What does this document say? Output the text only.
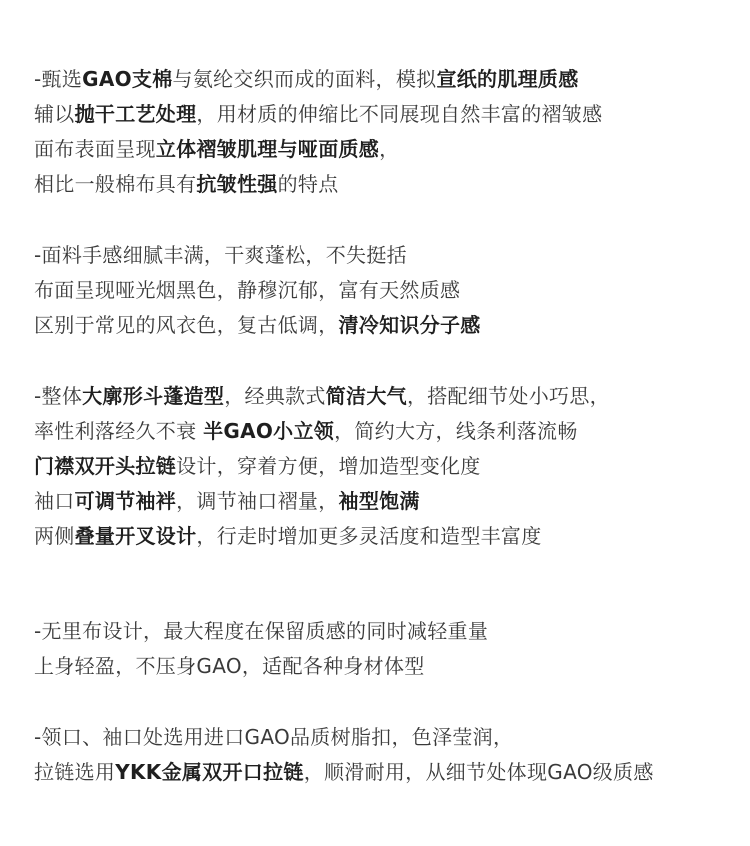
-甄选GAO支棉与氨纶交织而成的面料，模拟宣纸的肌理质感
辅以抛干工艺处理，用材质的伸缩比不同展现自然丰富的褶皱感
面布表面呈现立体褶皱肌理与哑面质感，
相比一般棉布具有抗皱性强的特点
-面料手感细腻丰满，干爽蓬松，不失挺括
布面呈现哑光烟黑色，静穆沉郁，富有天然质感
区别于常见的风衣色，复古低调，清冷知识分子感
-整体大廓形斗蓬造型，经典款式简洁大气，搭配细节处小巧思，
率性利落经久不衰 半GAO小立领，简约大方，线条利落流畅
门襟双开头拉链设计，穿着方便，增加造型变化度
袖口可调节袖袢，调节袖口褶量，袖型饱满
两侧叠量开叉设计，行走时增加更多灵活度和造型丰富度
-无里布设计，最大程度在保留质感的同时减轻重量
上身轻盈，不压身GAO，适配各种身材体型
-领口、袖口处选用进口GAO品质树脂扣，色泽莹润，
拉链选用YKK金属双开口拉链，顺滑耐用，从细节处体现GAO级质感
